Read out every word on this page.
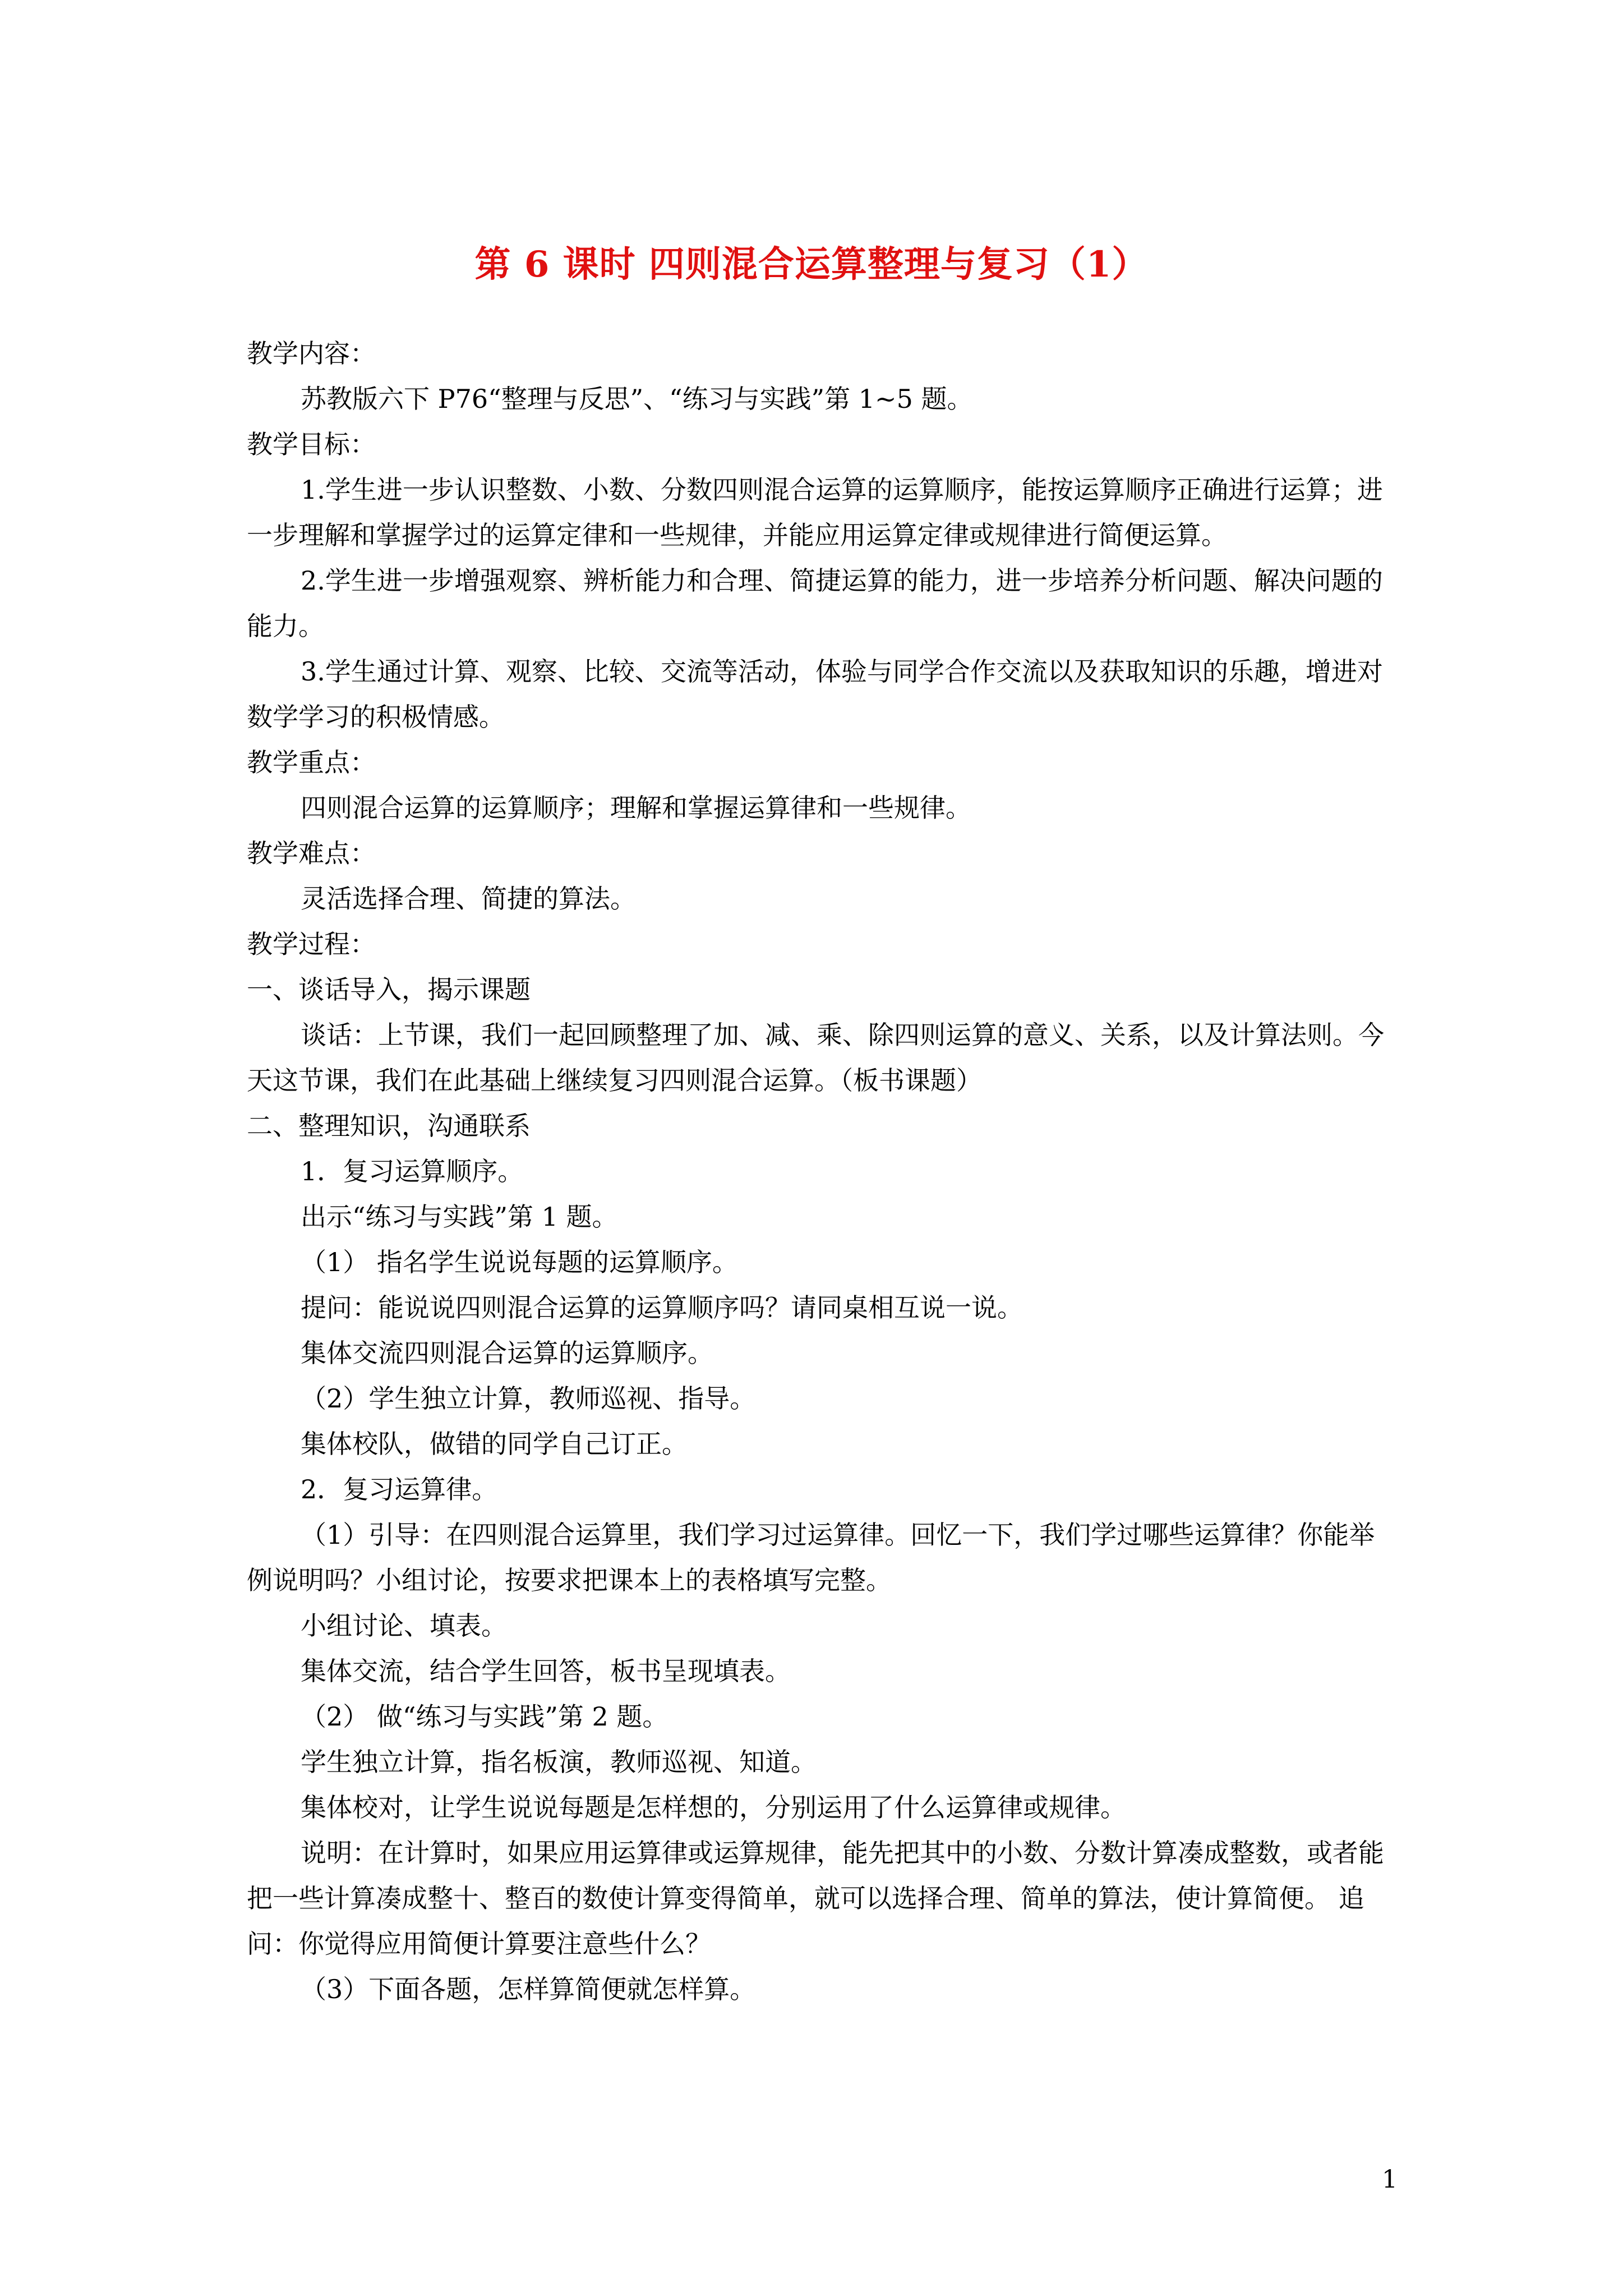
第 6 课时 四则混合运算整理与复习（1）

教学内容：

苏教版六下 P76“整理与反思”、“练习与实践”第 1~5 题。

教学目标：

1.学生进一步认识整数、小数、分数四则混合运算的运算顺序，能按运算顺序正确进行运算；进一步理解和掌握学过的运算定律和一些规律，并能应用运算定律或规律进行简便运算。

2.学生进一步增强观察、辨析能力和合理、简捷运算的能力，进一步培养分析问题、解决问题的能力。

3.学生通过计算、观察、比较、交流等活动，体验与同学合作交流以及获取知识的乐趣，增进对数学学习的积极情感。

教学重点：

四则混合运算的运算顺序；理解和掌握运算律和一些规律。

教学难点：

灵活选择合理、简捷的算法。

教学过程：

一、谈话导入，揭示课题

谈话：上节课，我们一起回顾整理了加、减、乘、除四则运算的意义、关系，以及计算法则。今天这节课，我们在此基础上继续复习四则混合运算。（板书课题）

二、整理知识，沟通联系

1．复习运算顺序。

出示“练习与实践”第 1 题。

（1） 指名学生说说每题的运算顺序。

提问：能说说四则混合运算的运算顺序吗？请同桌相互说一说。

集体交流四则混合运算的运算顺序。

（2）学生独立计算，教师巡视、指导。

集体校队，做错的同学自己订正。

2．复习运算律。

（1）引导：在四则混合运算里，我们学习过运算律。回忆一下，我们学过哪些运算律？你能举例说明吗？小组讨论，按要求把课本上的表格填写完整。

小组讨论、填表。

集体交流，结合学生回答，板书呈现填表。

（2） 做“练习与实践”第 2 题。

学生独立计算，指名板演，教师巡视、知道。

集体校对，让学生说说每题是怎样想的，分别运用了什么运算律或规律。

说明：在计算时，如果应用运算律或运算规律，能先把其中的小数、分数计算凑成整数，或者能把一些计算凑成整十、整百的数使计算变得简单，就可以选择合理、简单的算法，使计算简便。 追问：你觉得应用简便计算要注意些什么？

（3）下面各题，怎样算简便就怎样算。

1
